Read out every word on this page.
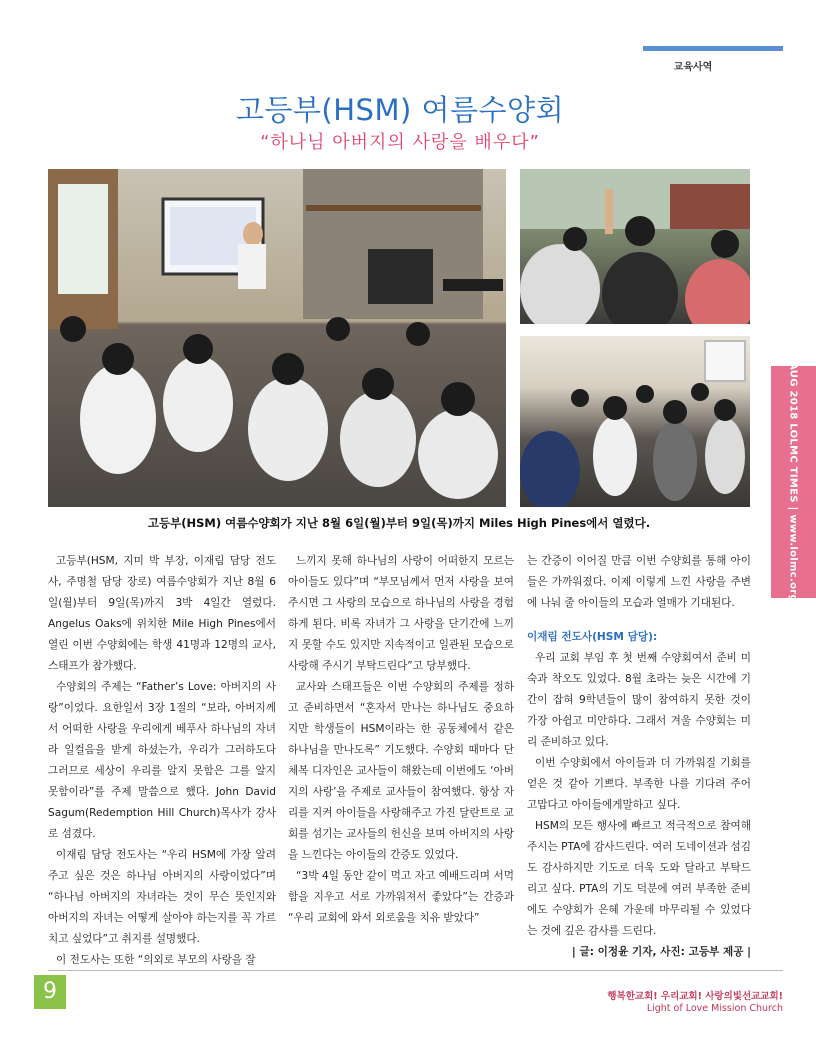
교육사역
고등부(HSM) 여름수양회
“하나님 아버지의 사랑을 배우다”
고등부(HSM) 여름수양회가 지난 8월 6일(월)부터 9일(목)까지 Miles High Pines에서 열렸다.

고등부(HSM, 지미 박 부장, 이재림 담당 전도사, 주명철 담당 장로) 여름수양회가 지난 8월 6일(월)부터 9일(목)까지 3박 4일간 열렸다. Angelus Oaks에 위치한 Mile High Pines에서 열린 이번 수양회에는 학생 41명과 12명의 교사, 스태프가 참가했다.

수양회의 주제는 “Father’s Love: 아버지의 사랑”이었다. 요한일서 3장 1절의 “보라, 아버지께서 어떠한 사랑을 우리에게 베푸사 하나님의 자녀라 일컬음을 받게 하셨는가, 우리가 그러하도다 그러므로 세상이 우리를 알지 못함은 그를 알지 못함이라”를 주제 말씀으로 했다. John David Sagum(Redemption Hill Church)목사가 강사로 섬겼다.

이재림 담당 전도사는 “우리 HSM에 가장 알려주고 싶은 것은 하나님 아버지의 사랑이었다”며 “하나님 아버지의 자녀라는 것이 무슨 뜻인지와 아버지의 자녀는 어떻게 살아야 하는지를 꼭 가르치고 싶었다”고 취지를 설명했다.

이 전도사는 또한 “의외로 부모의 사랑을 잘

느끼지 못해 하나님의 사랑이 어떠한지 모르는 아이들도 있다”며 “부모님께서 먼저 사랑을 보여 주시면 그 사랑의 모습으로 하나님의 사랑을 경험하게 된다. 비록 자녀가 그 사랑을 단기간에 느끼지 못할 수도 있지만 지속적이고 일관된 모습으로 사랑해 주시기 부탁드린다”고 당부했다.

교사와 스태프들은 이번 수양회의 주제를 정하고 준비하면서 “혼자서 만나는 하나님도 중요하지만 학생들이 HSM이라는 한 공동체에서 같은 하나님을 만나도록” 기도했다. 수양회 때마다 단체복 디자인은 교사들이 해왔는데 이번에도 ‘아버지의 사랑’을 주제로 교사들이 참여했다. 항상 자리를 지켜 아이들을 사랑해주고 가진 달란트로 교회를 섬기는 교사들의 헌신을 보며 아버지의 사랑을 느낀다는 아이들의 간증도 있었다.

“3박 4일 동안 같이 먹고 자고 예배드리며 서먹함을 지우고 서로 가까워져서 좋았다”는 간증과 “우리 교회에 와서 외로움을 치유 받았다”

는 간증이 이어질 만큼 이번 수양회를 통해 아이들은 가까워졌다. 이제 이렇게 느낀 사랑을 주변에 나눠 줄 아이들의 모습과 열매가 기대된다.

이재림 전도사(HSM 담당):

우리 교회 부임 후 첫 번째 수양회여서 준비 미숙과 착오도 있었다. 8월 초라는 늦은 시간에 기간이 잡혀 9학년들이 많이 참여하지 못한 것이 가장 아쉽고 미안하다. 그래서 겨울 수양회는 미리 준비하고 있다.

이번 수양회에서 아이들과 더 가까워질 기회를 얻은 것 같아 기쁘다. 부족한 나를 기다려 주어 고맙다고 아이들에게말하고 싶다.

HSM의 모든 행사에 빠르고 적극적으로 참여해 주시는 PTA에 감사드린다. 여러 도네이션과 섬김도 감사하지만 기도로 더욱 도와 달라고 부탁드리고 싶다. PTA의 기도 덕분에 여러 부족한 준비에도 수양회가 은혜 가운데 마무리될 수 있었다는 것에 깊은 감사를 드린다.

| 글: 이정윤 기자, 사진: 고등부 제공 |

AUG 2018 LOLMC TIMES | www.lolmc.org
9	행복한교회! 우리교회! 사랑의빛선교교회!
Light of Love Mission Church
